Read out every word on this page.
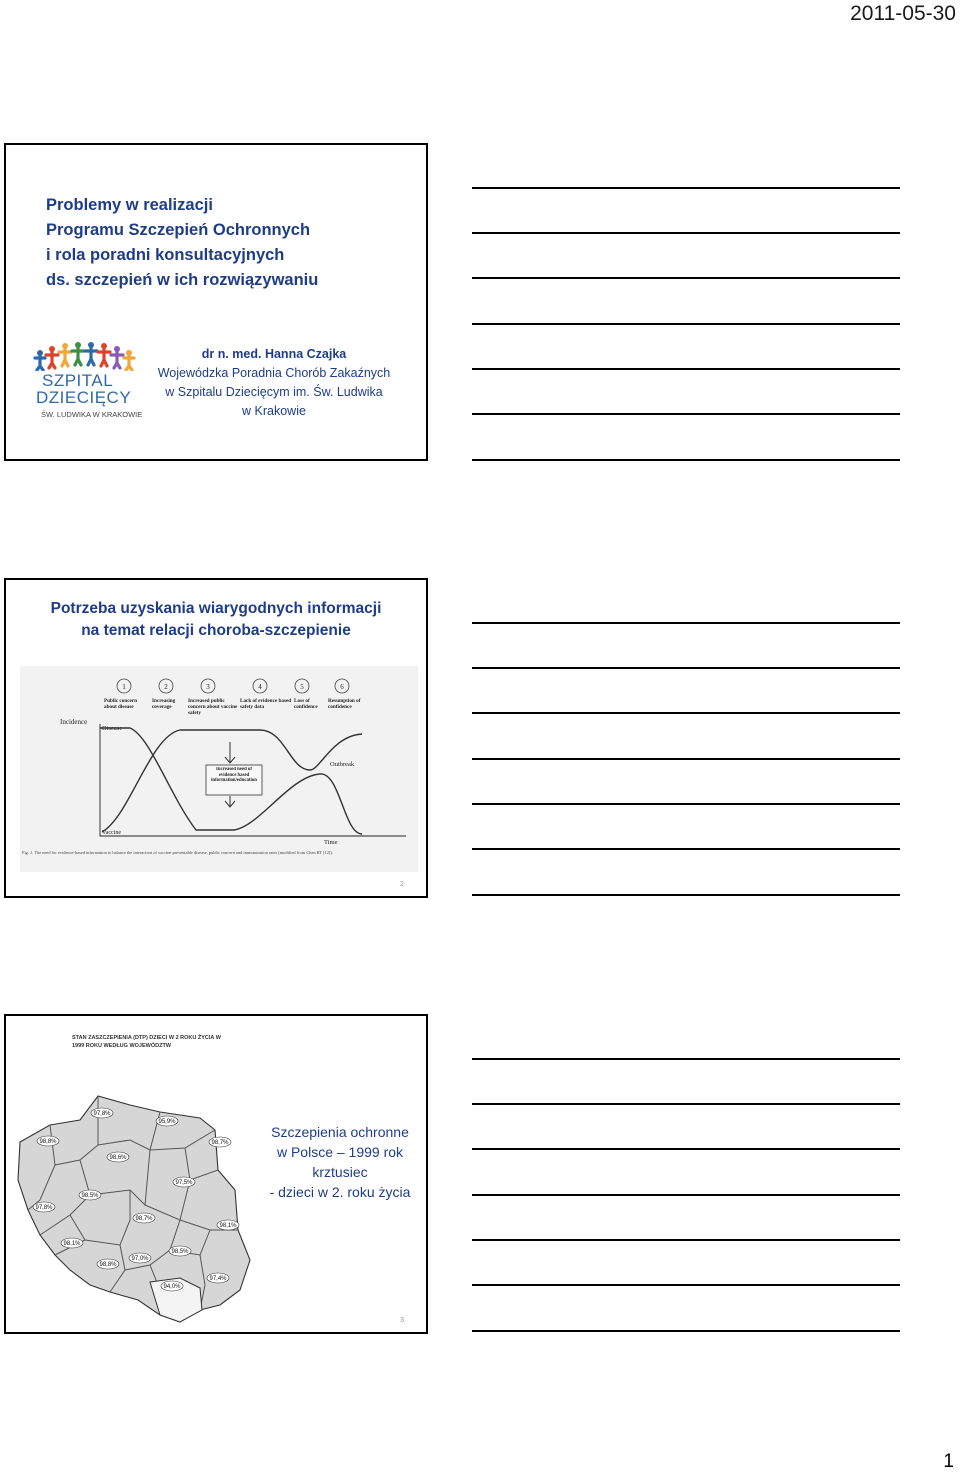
2011-05-30
Problemy w realizacji
Programu Szczepień Ochronnych
i rola poradni konsultacyjnych
ds. szczepień w ich rozwiązywaniu
SZPITAL
DZIECIĘCY
ŚW. LUDWIKA W KRAKOWIE
dr n. med. Hanna Czajka
Wojewódzka Poradnia Chorób Zakaźnych
w Szpitalu Dziecięcym im. Św. Ludwika
w Krakowie
Potrzeba uzyskania wiarygodnych informacji
na temat relacji choroba-szczepienie
1	2	3	4	5	6
Public concern about disease
Increasing coverage
Increased public concern about vaccine safety
Lack of evidence based safety data
Loss of confidence
Resumption of confidence
Incidence
Disease
Vaccine
Outbreak
Time
Increased need of evidence based information/education
Fig. 1. The need for evidence-based information to balance the interaction of vaccine preventable disease, public concern and immunization rates (modified from Chen RT [12]).
2
STAN ZASZCZEPIENIA (DTP) DZIECI W 2 ROKU ŻYCIA W 1999 ROKU WEDŁUG WOJEWÓDZTW
97,8%
95,9%
98,8%	98,7%
98,6%
98,5%
97,5%
97,8%
98,7%
98,1%
98,1%
97,0%
98,5%
98,8%
94,0%
97,4%
Szczepienia ochronne
w Polsce – 1999 rok
krztusiec
- dzieci w 2. roku życia
3
1
